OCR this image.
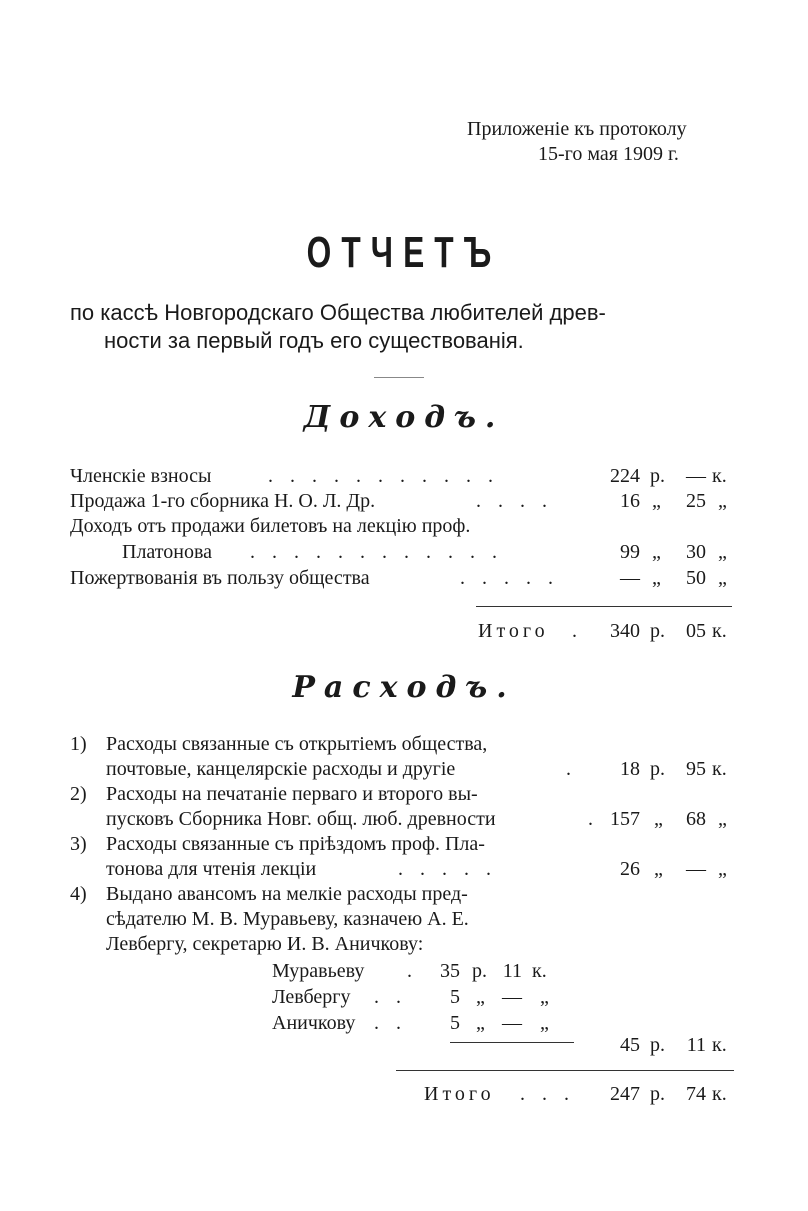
Приложеніе къ протоколу
15-го мая 1909 г.
ОТЧЕТЪ
по кассѣ Новгородскаго Общества любителей древ-
ности за первый годъ его существованія.
Доходъ.
Членскіе взносы	. . . . . . . . . . .	224 р.	— к.
Продажа 1-го сборника Н. О. Л. Др.	. . . .	16 „	25 „
Доходъ отъ продажи билетовъ на лекцію проф.
Платонова . . . . . . . . . . . .	99 „	30 „
Пожертвованія въ пользу общества	. . . . .	— „	50 „
Итого .	340 р.	05 к.
Расходъ.
1) Расходы связанные съ открытіемъ общества,
почтовые, канцелярскіе расходы и другіе	.	18 р.	95 к.
2) Расходы на печатаніе перваго и второго вы-
пусковъ Сборника Новг. общ. люб. древности	. 157 „	68 „
3) Расходы связанные съ пріѣздомъ проф. Пла-
тонова для чтенія лекціи	. . . . .	26 „	— „
4) Выдано авансомъ на мелкіе расходы пред-
сѣдателю М. В. Муравьеву, казначею А. Е.
Левбергу, секретарю И. В. Аничкову:
Муравьеву .	35 р. 11 к.
Левбергу . .	5 „ — „
Аничкову . .	5 „ — „
45 р.	11 к.
Итого . . .	247 р.	74 к.
